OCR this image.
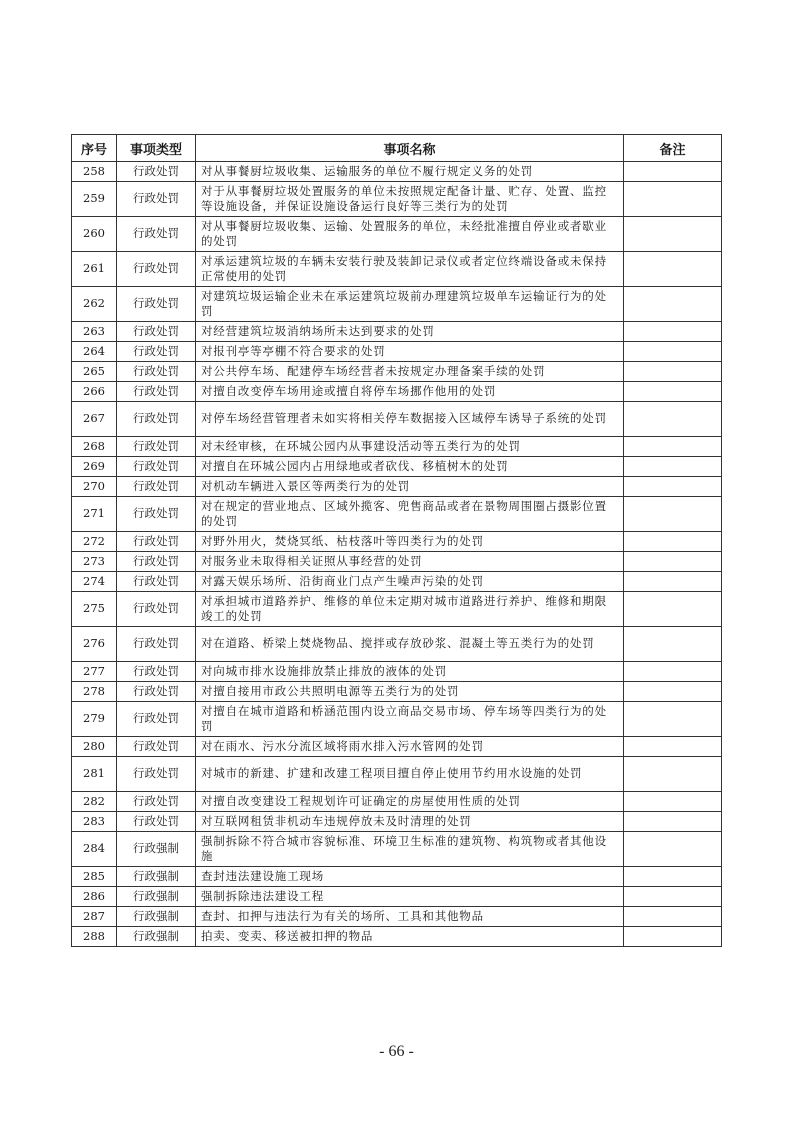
序号	事项类型	事项名称	备注
258	行政处罚	对从事餐厨垃圾收集、运输服务的单位不履行规定义务的处罚	
259	行政处罚	对于从事餐厨垃圾处置服务的单位未按照规定配备计量、贮存、处置、监控等设施设备，并保证设施设备运行良好等三类行为的处罚	
260	行政处罚	对从事餐厨垃圾收集、运输、处置服务的单位，未经批准擅自停业或者歇业的处罚	
261	行政处罚	对承运建筑垃圾的车辆未安装行驶及装卸记录仪或者定位终端设备或未保持正常使用的处罚	
262	行政处罚	对建筑垃圾运输企业未在承运建筑垃圾前办理建筑垃圾单车运输证行为的处罚	
263	行政处罚	对经营建筑垃圾消纳场所未达到要求的处罚	
264	行政处罚	对报刊亭等亭棚不符合要求的处罚	
265	行政处罚	对公共停车场、配建停车场经营者未按规定办理备案手续的处罚	
266	行政处罚	对擅自改变停车场用途或擅自将停车场挪作他用的处罚	
267	行政处罚	对停车场经营管理者未如实将相关停车数据接入区域停车诱导子系统的处罚	
268	行政处罚	对未经审核，在环城公园内从事建设活动等五类行为的处罚	
269	行政处罚	对擅自在环城公园内占用绿地或者砍伐、移植树木的处罚	
270	行政处罚	对机动车辆进入景区等两类行为的处罚	
271	行政处罚	对在规定的营业地点、区域外揽客、兜售商品或者在景物周围圈占摄影位置的处罚	
272	行政处罚	对野外用火，焚烧冥纸、枯枝落叶等四类行为的处罚	
273	行政处罚	对服务业未取得相关证照从事经营的处罚	
274	行政处罚	对露天娱乐场所、沿街商业门点产生噪声污染的处罚	
275	行政处罚	对承担城市道路养护、维修的单位未定期对城市道路进行养护、维修和期限竣工的处罚	
276	行政处罚	对在道路、桥梁上焚烧物品、搅拌或存放砂浆、混凝土等五类行为的处罚	
277	行政处罚	对向城市排水设施排放禁止排放的液体的处罚	
278	行政处罚	对擅自接用市政公共照明电源等五类行为的处罚	
279	行政处罚	对擅自在城市道路和桥涵范围内设立商品交易市场、停车场等四类行为的处罚	
280	行政处罚	对在雨水、污水分流区域将雨水排入污水管网的处罚	
281	行政处罚	对城市的新建、扩建和改建工程项目擅自停止使用节约用水设施的处罚	
282	行政处罚	对擅自改变建设工程规划许可证确定的房屋使用性质的处罚	
283	行政处罚	对互联网租赁非机动车违规停放未及时清理的处罚	
284	行政强制	强制拆除不符合城市容貌标准、环境卫生标准的建筑物、构筑物或者其他设施	
285	行政强制	查封违法建设施工现场	
286	行政强制	强制拆除违法建设工程	
287	行政强制	查封、扣押与违法行为有关的场所、工具和其他物品	
288	行政强制	拍卖、变卖、移送被扣押的物品	
- 66 -
